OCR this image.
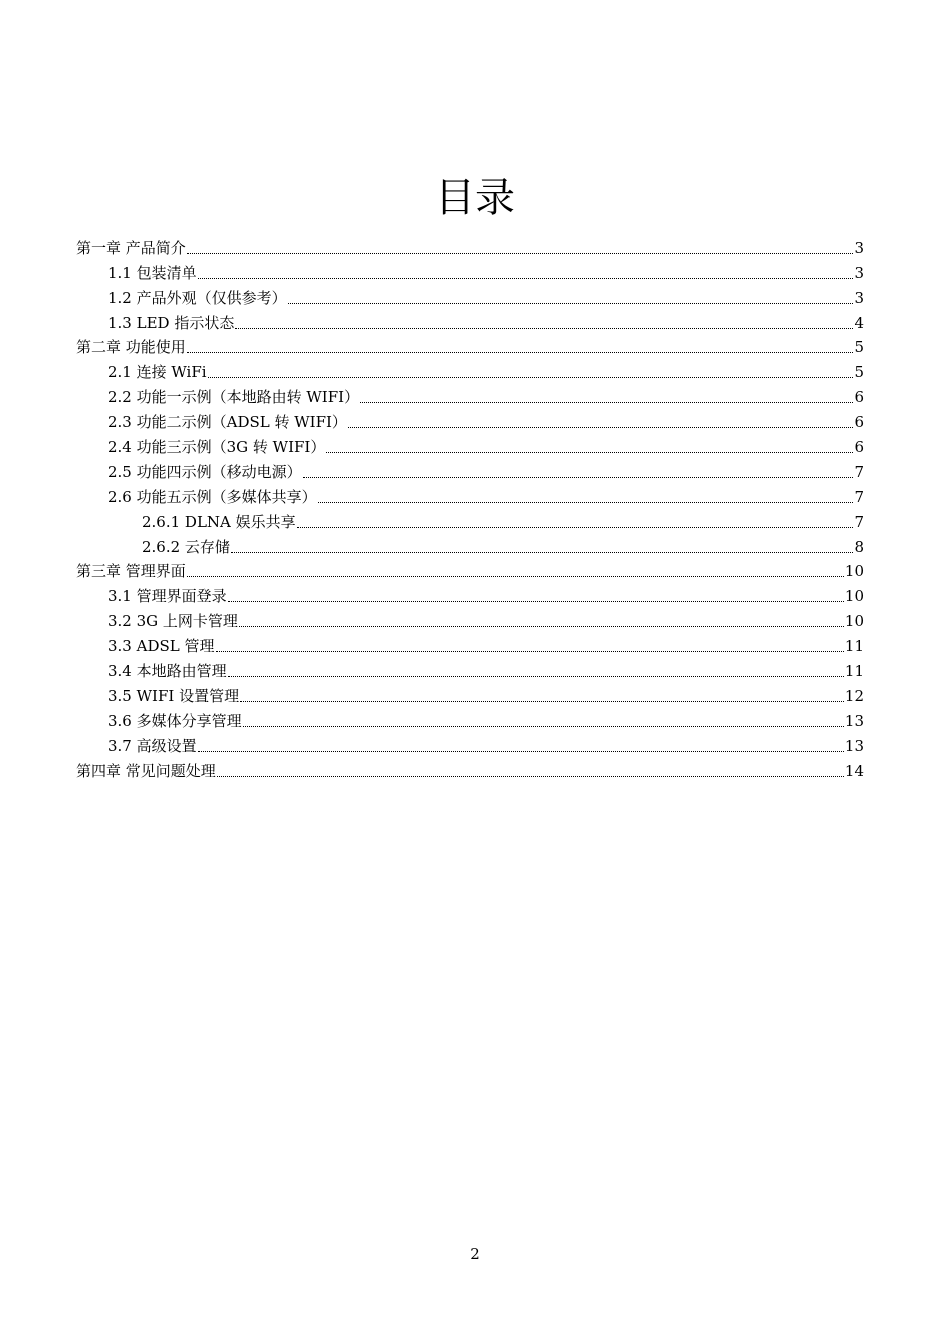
目录
第一章 产品简介	3
1.1 包装清单	3
1.2 产品外观（仅供参考）	3
1.3 LED 指示状态	4
第二章 功能使用	5
2.1 连接 WiFi	5
2.2 功能一示例（本地路由转 WIFI）	6
2.3 功能二示例（ADSL 转 WIFI）	6
2.4 功能三示例（3G 转 WIFI）	6
2.5 功能四示例（移动电源）	7
2.6 功能五示例（多媒体共享）	7
2.6.1 DLNA 娱乐共享	7
2.6.2 云存储	8
第三章 管理界面	10
3.1 管理界面登录	10
3.2 3G 上网卡管理	10
3.3 ADSL 管理	11
3.4 本地路由管理	11
3.5 WIFI 设置管理	12
3.6 多媒体分享管理	13
3.7 高级设置	13
第四章 常见问题处理	14
2
